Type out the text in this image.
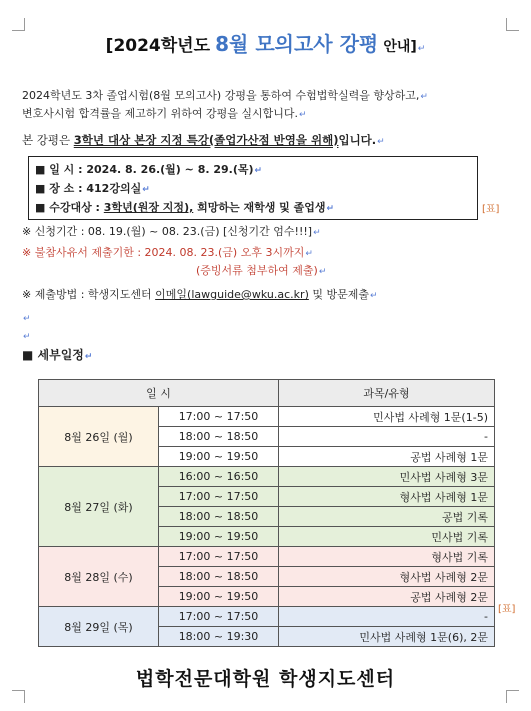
[2024학년도 8월 모의고사 강평 안내]↵
2024학년도 3차 졸업시험(8월 모의고사) 강평을 통하여 수험법학실력을 향상하고,↵
변호사시험 합격률을 제고하기 위하여 강평을 실시합니다.↵
본 강평은 3학년 대상 본장 지정 특강(졸업가산점 반영을 위해)입니다.↵
■ 일 시 : 2024. 8. 26.(월) ~ 8. 29.(목)↵
■ 장 소 : 412강의실↵
■ 수강대상 : 3학년(원장 지정), 희망하는 재학생 및 졸업생↵	[표]
※ 신청기간 : 08. 19.(월) ~ 08. 23.(금) [신청기간 엄수!!!]↵
※ 불참사유서 제출기한 : 2024. 08. 23.(금) 오후 3시까지↵
(증빙서류 첨부하여 제출)↵
※ 제출방법 : 학생지도센터 이메일(lawguide@wku.ac.kr) 및 방문제출↵
↵
↵
■ 세부일정↵
일 시		과목/유형
8월 26일 (월)	17:00 ~ 17:50	민사법 사례형 1문(1-5)
	18:00 ~ 18:50	-
	19:00 ~ 19:50	공법 사례형 1문
8월 27일 (화)	16:00 ~ 16:50	민사법 사례형 3문
	17:00 ~ 17:50	형사법 사례형 1문
	18:00 ~ 18:50	공법 기록
	19:00 ~ 19:50	민사법 기록
8월 28일 (수)	17:00 ~ 17:50	형사법 기록
	18:00 ~ 18:50	형사법 사례형 2문
	19:00 ~ 19:50	공법 사례형 2문
8월 29일 (목)	17:00 ~ 17:50	-
	18:00 ~ 19:30	민사법 사례형 1문(6), 2문
[표]
법학전문대학원 학생지도센터
